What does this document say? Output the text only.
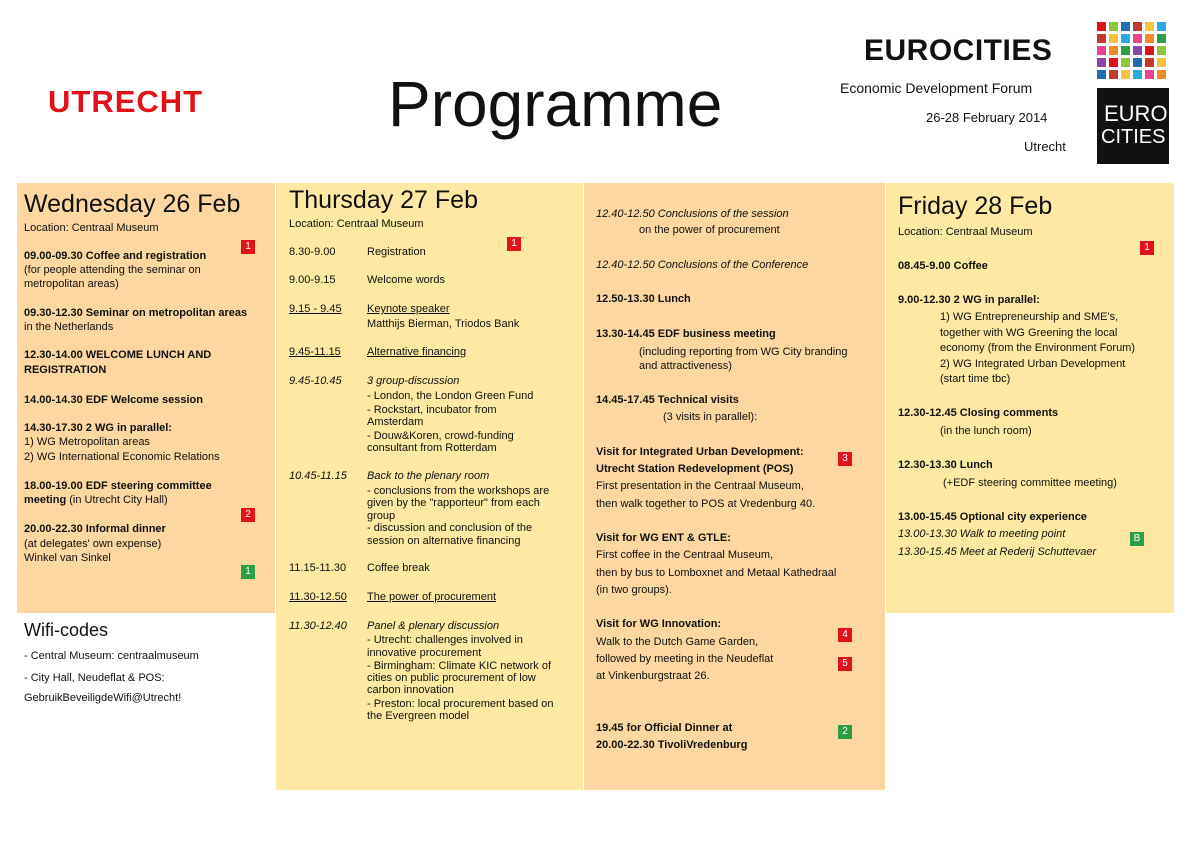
UTRECHT	Programme
EUROCITIES
Economic Development Forum
26-28 February 2014
Utrecht
EURO
CITIES
Wednesday 26 Feb
Location: Centraal Museum
09.00-09.30 Coffee and registration
(for people attending the seminar on
metropolitan areas)
1
09.30-12.30 Seminar on metropolitan areas
in the Netherlands
12.30-14.00 WELCOME LUNCH AND
REGISTRATION
14.00-14.30 EDF Welcome session
14.30-17.30 2 WG in parallel:
1) WG Metropolitan areas
2) WG International Economic Relations
18.00-19.00 EDF steering committee
meeting (in Utrecht City Hall)
2
20.00-22.30 Informal dinner
(at delegates' own expense)
Winkel van Sinkel
1
Wifi-codes
- Central Museum: centraalmuseum
- City Hall, Neudeflat & POS:
GebruikBeveiligdeWifi@Utrecht!
Thursday 27 Feb
Location: Centraal Museum
1
8.30-9.00	Registration
9.00-9.15	Welcome words
9.15 - 9.45 Keynote speaker
Matthijs Bierman, Triodos Bank
9.45-11.15 Alternative financing
9.45-10.45 3 group-discussion
- London, the London Green Fund
- Rockstart, incubator from
Amsterdam
- Douw&Koren, crowd-funding
consultant from Rotterdam
10.45-11.15 Back to the plenary room
- conclusions from the workshops are
given by the "rapporteur" from each
group
- discussion and conclusion of the
session on alternative financing
11.15-11.30 Coffee break
11.30-12.50 The power of procurement
11.30-12.40 Panel & plenary discussion
- Utrecht: challenges involved in
innovative procurement
- Birmingham: Climate KIC network of
cities on public procurement of low
carbon innovation
- Preston: local procurement based on
the Evergreen model
12.40-12.50 Conclusions of the session
on the power of procurement
12.40-12.50 Conclusions of the Conference
12.50-13.30 Lunch
13.30-14.45 EDF business meeting
(including reporting from WG City branding
and attractiveness)
14.45-17.45 Technical visits
(3 visits in parallel):
Visit for Integrated Urban Development:
Utrecht Station Redevelopment (POS)
First presentation in the Centraal Museum,
then walk together to POS at Vredenburg 40.
3
Visit for WG ENT & GTLE:
First coffee in the Centraal Museum,
then by bus to Lomboxnet and Metaal Kathedraal
(in two groups).
Visit for WG Innovation:
Walk to the Dutch Game Garden,
followed by meeting in the Neudeflat
at Vinkenburgstraat 26.
4
5
19.45 for Official Dinner at
20.00-22.30 TivoliVredenburg
2
Friday 28 Feb
Location: Centraal Museum
1
08.45-9.00 Coffee
9.00-12.30 2 WG in parallel:
1) WG Entrepreneurship and SME's,
together with WG Greening the local
economy (from the Environment Forum)
2) WG Integrated Urban Development
(start time tbc)
12.30-12.45 Closing comments
(in the lunch room)
12.30-13.30 Lunch
(+EDF steering committee meeting)
13.00-15.45 Optional city experience
13.00-13.30 Walk to meeting point
13.30-15.45 Meet at Rederij Schuttevaer
B
